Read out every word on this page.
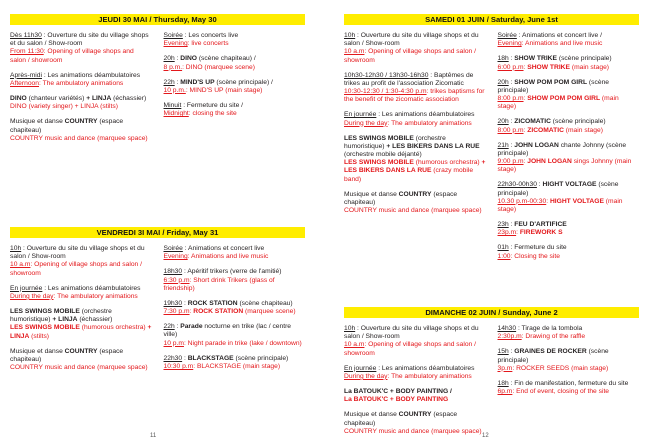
JEUDI 30 MAI / Thursday, May 30
Dès 11h30 : Ouverture du site du village shops et du salon / Show-room
From 11:30: Opening of village shops and salon / showroom
Après-midi : Les animations déambulatoires
Afternoon: The ambulatory animations
DINO (chanteur variétés) + LINJA (échassier)
DINO (variety singer) + LINJA (stilts)
Musique et danse COUNTRY (espace chapiteau)
COUNTRY music and dance (marquee space)
Soirée : Les concerts live
Evening: live concerts
20h : DINO (scène chapiteau) /
8 p.m.: DINO (marquee scene)
22h : MIND'S UP (scène principale) /
10 p.m.: MIND'S UP (main stage)
Minuit : Fermeture du site /
Midnight: closing the site
VENDREDI 3I MAI / Friday, May 31
10h : Ouverture du site du village shops et du salon / Show-room
10 a.m: Opening of village shops and salon / showroom
En journée : Les animations déambulatoires
During the day: The ambulatory animations
LES SWINGS MOBILE (orchestre humoristique) + LINJA (échassier)
LES SWINGS MOBILE (humorous orchestra) + LINJA (stilts)
Musique et danse COUNTRY (espace chapiteau)
COUNTRY music and dance (marquee space)
Soirée : Animations et concert live
Evening: Animations and live music
18h30 : Apéritif trikers (verre de l'amitié)
6:30 p.m: Short drink Trikers (glass of friendship)
19h30 : ROCK STATION (scène chapiteau)
7:30 p.m: ROCK STATION (marquee scene)
22h : Parade nocturne en trike (lac / centre ville)
10 p.m: Night parade in trike (lake / downtown)
22h30 : BLACKSTAGE (scène principale)
10:30 p.m: BLACKSTAGE (main stage)
SAMEDI 01 JUIN / Saturday, June 1st
10h : Ouverture du site du village shops et du salon / Show-room
10 a.m: Opening of village shops and salon / showroom
10h30-12h30 / 13h30-16h30 : Baptêmes de trikes au profit de l'association Zicomatic
10:30-12:30 / 1:30-4:30 p.m: trikes baptisms for the benefit of the zicomatic association
En journée : Les animations déambulatoires
During the day: The ambulatory animations
LES SWINGS MOBILE (orchestre humoristique) + LES BIKERS DANS LA RUE (orchestre mobile déjanté)
LES SWINGS MOBILE (humorous orchestra) + LES BIKERS DANS LA RUE (crazy mobile band)
Musique et danse COUNTRY (espace chapiteau)
COUNTRY music and dance (marquee space)
Soirée : Animations et concert live /
Evening: Animations and live music
18h : SHOW TRIKE (scène principale)
6:00 p.m: SHOW TRIKE (main stage)
20h : SHOW POM POM GIRL (scène principale)
8:00 p.m: SHOW POM POM GIRL (main stage)
20h : ZICOMATIC (scène principale)
8:00 p.m: ZICOMATIC (main stage)
21h : JOHN LOGAN chante Johnny (scène principale)
9:00 p.m: JOHN LOGAN sings Johnny (main stage)
22h30-00h30 : HIGHT VOLTAGE (scène principale)
10.30 p.m-00:30: HIGHT VOLTAGE (main stage)
23h : FEU D'ARTIFICE
23p.m: FIREWORK S
01h : Fermeture du site
1:00: Closing the site
DIMANCHE 02 JUIN / Sunday, June 2
10h : Ouverture du site du village shops et du salon / Show-room
10 a.m: Opening of village shops and salon / showroom
En journée : Les animations déambulatoires
During the day: The ambulatory animations
La BATOUK'C + BODY PAINTING /
La BATOUK'C + BODY PAINTING
Musique et danse COUNTRY (espace chapiteau)
COUNTRY music and dance (marquee space)
14h30 : Tirage de la tombola
2:30p.m: Drawing of the raffle
15h : GRAINES DE ROCKER (scène principale)
3p.m: ROCKER SEEDS (main stage)
18h : Fin de manifestation, fermeture du site
6p.m: End of event, closing of the site
11	12
